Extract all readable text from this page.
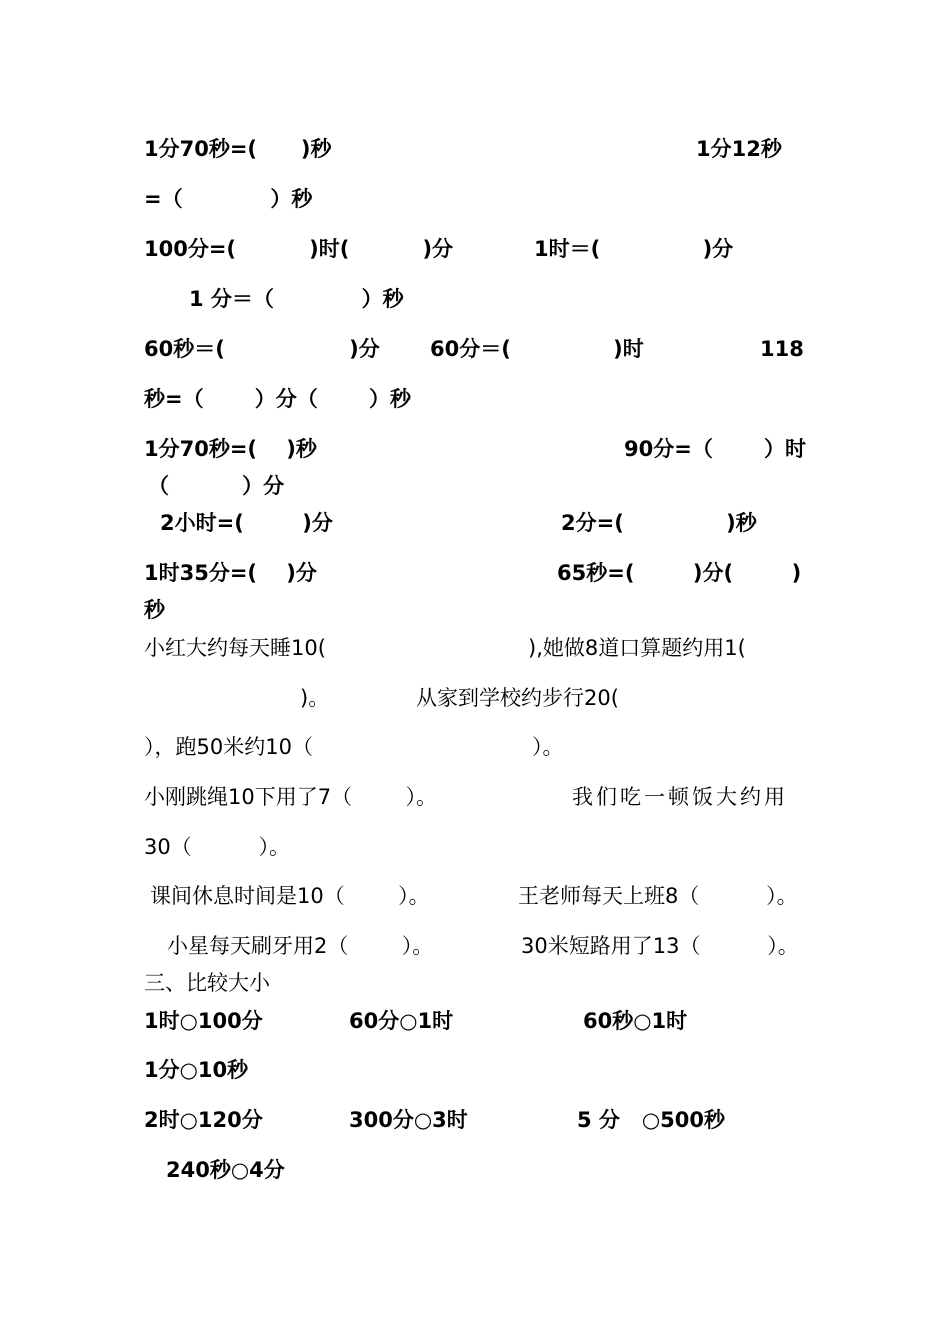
1分70秒=(      )秒	1分12秒
=（            ）秒
100分=(          )时(          )分	1时＝(              )分
1 分＝（            ）秒
60秒＝(                 )分 60分＝(              )时	118
秒=（       ）分（       ）秒
1分70秒=(    )秒	90分=（       ）时
（          ）分
2小时=(        )分	2分=(              )秒
1时35分=(    )分	65秒=(        )分(        )
秒
小红大约每天睡10(	),她做8道口算题约用1(
)。	从家到学校约步行20(
），跑50米约10（	）。
小刚跳绳10下用了7（        ）。	我们吃一顿饭大约用
30（          ）。
课间休息时间是10（        ）。	王老师每天上班8（          ）。
小星每天刷牙用2（        ）。	30米短路用了13（          ）。
三、比较大小
1时○100分	60分○1时	60秒○1时
1分○10秒
2时○120分	300分○3时	5 分   ○500秒
240秒○4分
